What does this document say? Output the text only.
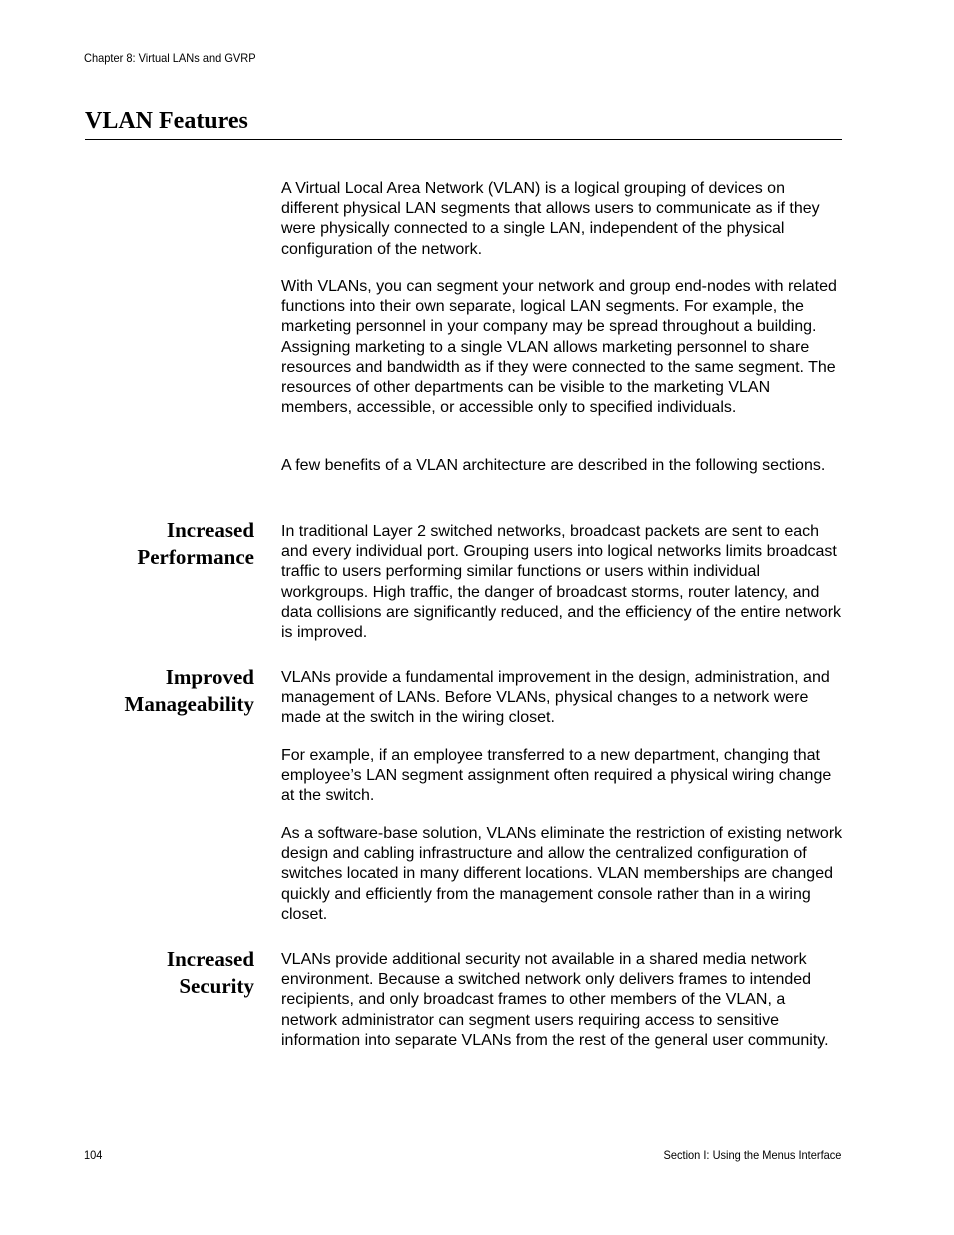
Chapter 8: Virtual LANs and GVRP
VLAN Features

A Virtual Local Area Network (VLAN) is a logical grouping of devices on different physical LAN segments that allows users to communicate as if they were physically connected to a single LAN, independent of the physical configuration of the network.

With VLANs, you can segment your network and group end-nodes with related functions into their own separate, logical LAN segments. For example, the marketing personnel in your company may be spread throughout a building. Assigning marketing to a single VLAN allows marketing personnel to share resources and bandwidth as if they were connected to the same segment. The resources of other departments can be visible to the marketing VLAN members, accessible, or accessible only to specified individuals.

A few benefits of a VLAN architecture are described in the following sections.

Increased
Performance

In traditional Layer 2 switched networks, broadcast packets are sent to each and every individual port. Grouping users into logical networks limits broadcast traffic to users performing similar functions or users within individual workgroups. High traffic, the danger of broadcast storms, router latency, and data collisions are significantly reduced, and the efficiency of the entire network is improved.

Improved
Manageability

VLANs provide a fundamental improvement in the design, administration, and management of LANs. Before VLANs, physical changes to a network were made at the switch in the wiring closet.

For example, if an employee transferred to a new department, changing that employee’s LAN segment assignment often required a physical wiring change at the switch.

As a software-base solution, VLANs eliminate the restriction of existing network design and cabling infrastructure and allow the centralized configuration of switches located in many different locations. VLAN memberships are changed quickly and efficiently from the management console rather than in a wiring closet.

Increased
Security

VLANs provide additional security not available in a shared media network environment. Because a switched network only delivers frames to intended recipients, and only broadcast frames to other members of the VLAN, a network administrator can segment users requiring access to sensitive information into separate VLANs from the rest of the general user community.

104	Section I: Using the Menus Interface
